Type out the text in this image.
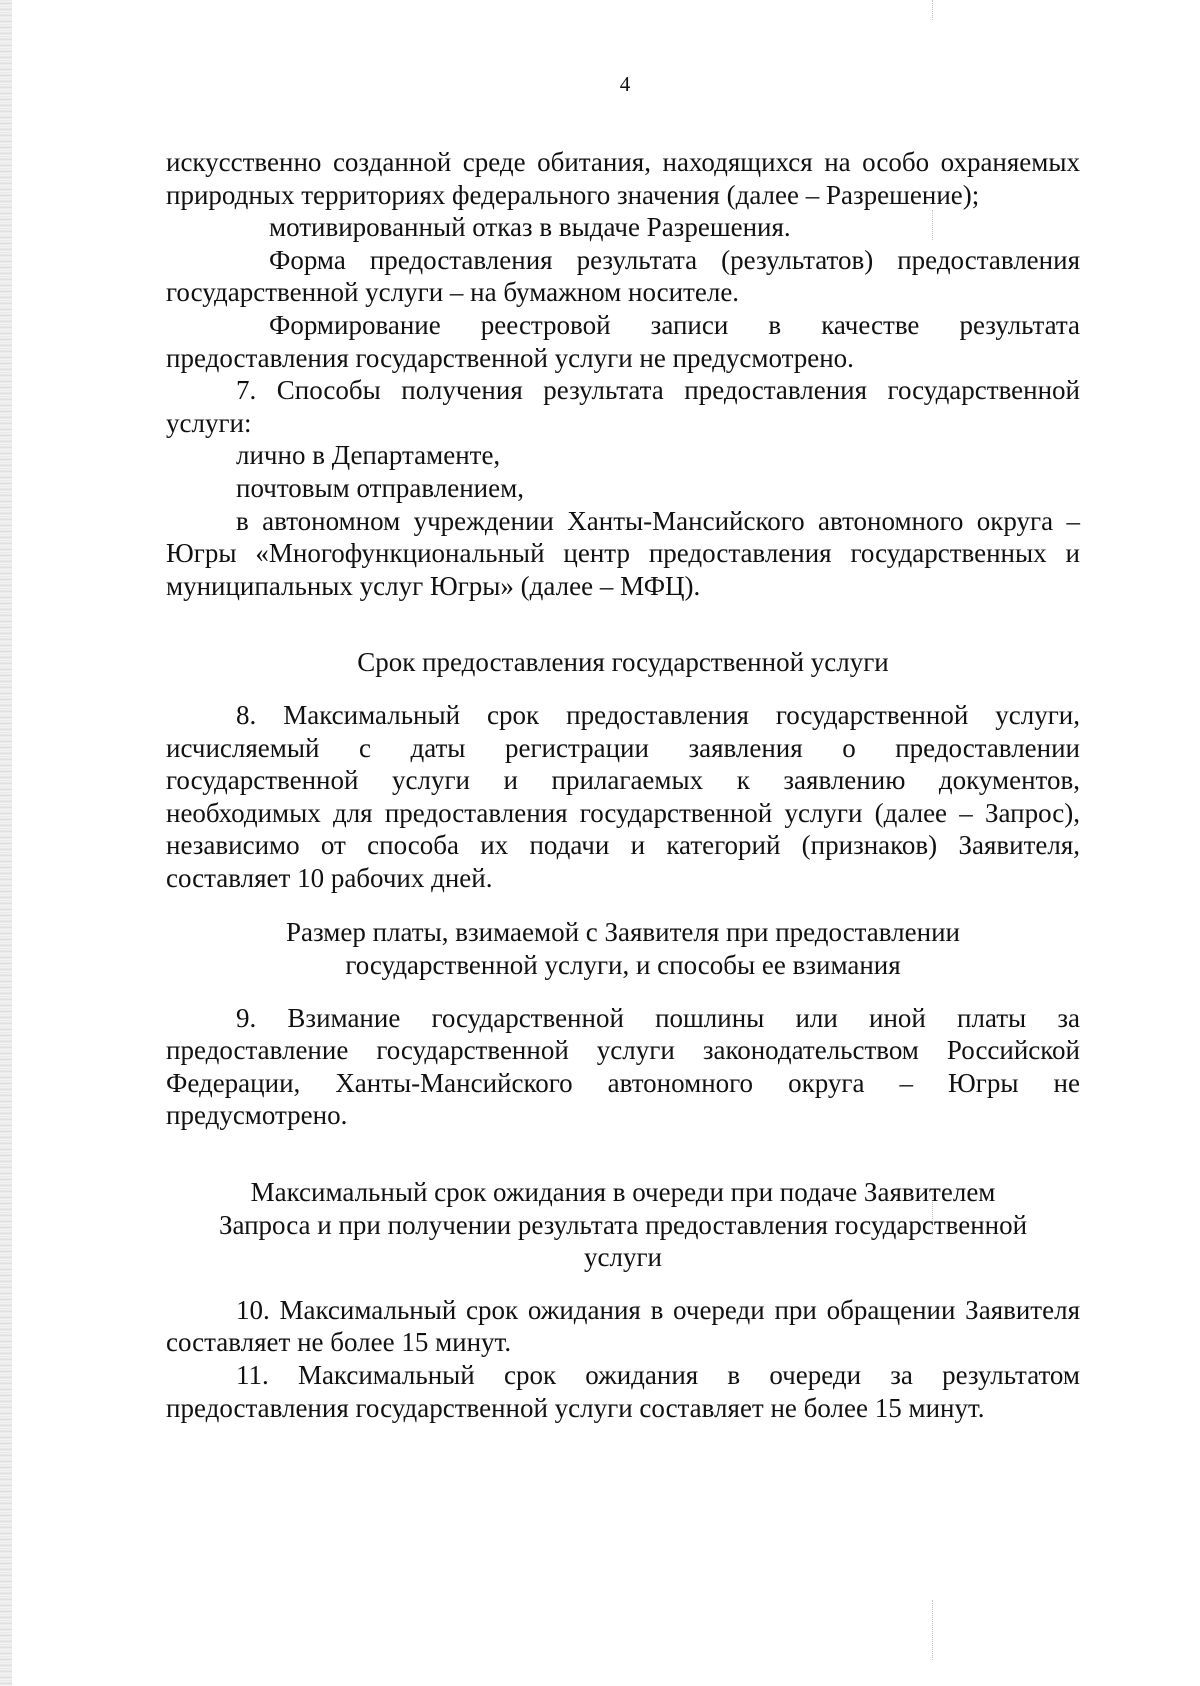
4

искусственно созданной среде обитания, находящихся на особо охраняемых природных территориях федерального значения (далее – Разрешение);

мотивированный отказ в выдаче Разрешения.

Форма предоставления результата (результатов) предоставления государственной услуги – на бумажном носителе.

Формирование реестровой записи в качестве результата предоставления государственной услуги не предусмотрено.

7. Способы получения результата предоставления государственной услуги:

лично в Департаменте,

почтовым отправлением,

в автономном учреждении Ханты-Мансийского автономного округа – Югры «Многофункциональный центр предоставления государственных и муниципальных услуг Югры» (далее – МФЦ).

Срок предоставления государственной услуги

8. Максимальный срок предоставления государственной услуги, исчисляемый с даты регистрации заявления о предоставлении государственной услуги и прилагаемых к заявлению документов, необходимых для предоставления государственной услуги (далее – Запрос), независимо от способа их подачи и категорий (признаков) Заявителя, составляет 10 рабочих дней.

Размер платы, взимаемой с Заявителя при предоставлении

государственной услуги, и способы ее взимания

9. Взимание государственной пошлины или иной платы за предоставление государственной услуги законодательством Российской Федерации, Ханты-Мансийского автономного округа – Югры не предусмотрено.

Максимальный срок ожидания в очереди при подаче Заявителем

Запроса и при получении результата предоставления государственной

услуги

10. Максимальный срок ожидания в очереди при обращении Заявителя составляет не более 15 минут.

11. Максимальный срок ожидания в очереди за результатом предоставления государственной услуги составляет не более 15 минут.
